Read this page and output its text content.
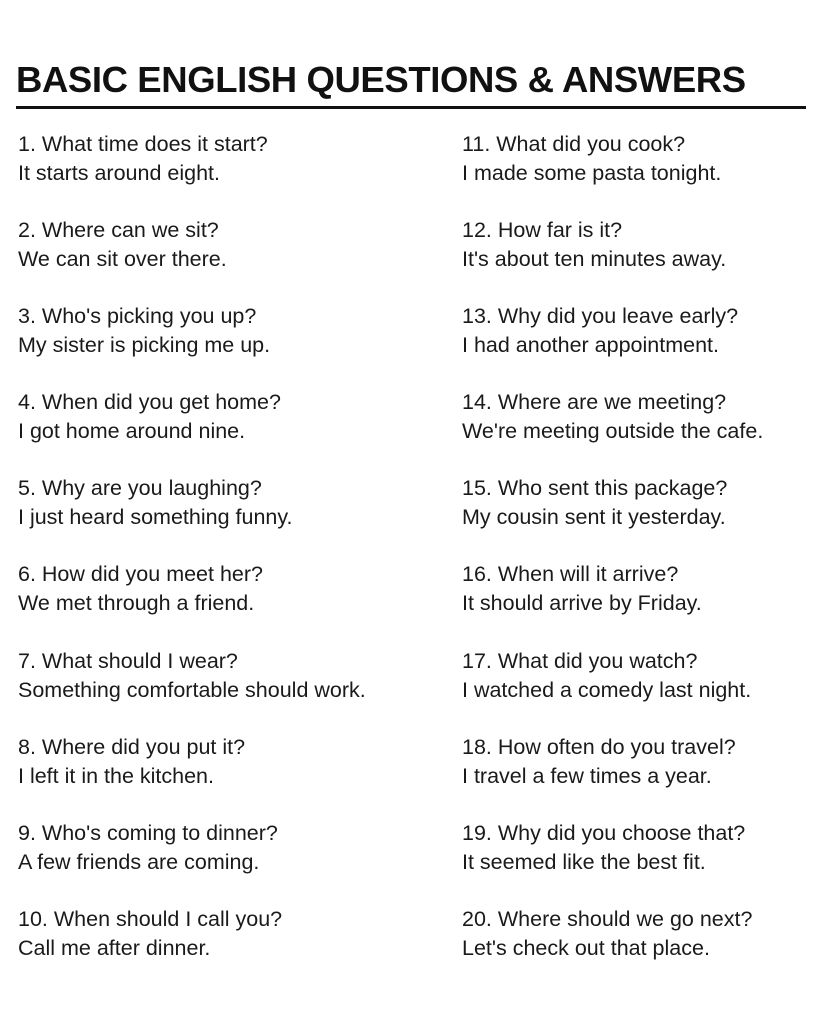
BASIC ENGLISH QUESTIONS & ANSWERS
1. What time does it start?
It starts around eight.
2. Where can we sit?
We can sit over there.
3. Who's picking you up?
My sister is picking me up.
4. When did you get home?
I got home around nine.
5. Why are you laughing?
I just heard something funny.
6. How did you meet her?
We met through a friend.
7. What should I wear?
Something comfortable should work.
8. Where did you put it?
I left it in the kitchen.
9. Who's coming to dinner?
A few friends are coming.
10. When should I call you?
Call me after dinner.
11. What did you cook?
I made some pasta tonight.
12. How far is it?
It's about ten minutes away.
13. Why did you leave early?
I had another appointment.
14. Where are we meeting?
We're meeting outside the cafe.
15. Who sent this package?
My cousin sent it yesterday.
16. When will it arrive?
It should arrive by Friday.
17. What did you watch?
I watched a comedy last night.
18. How often do you travel?
I travel a few times a year.
19. Why did you choose that?
It seemed like the best fit.
20. Where should we go next?
Let's check out that place.
